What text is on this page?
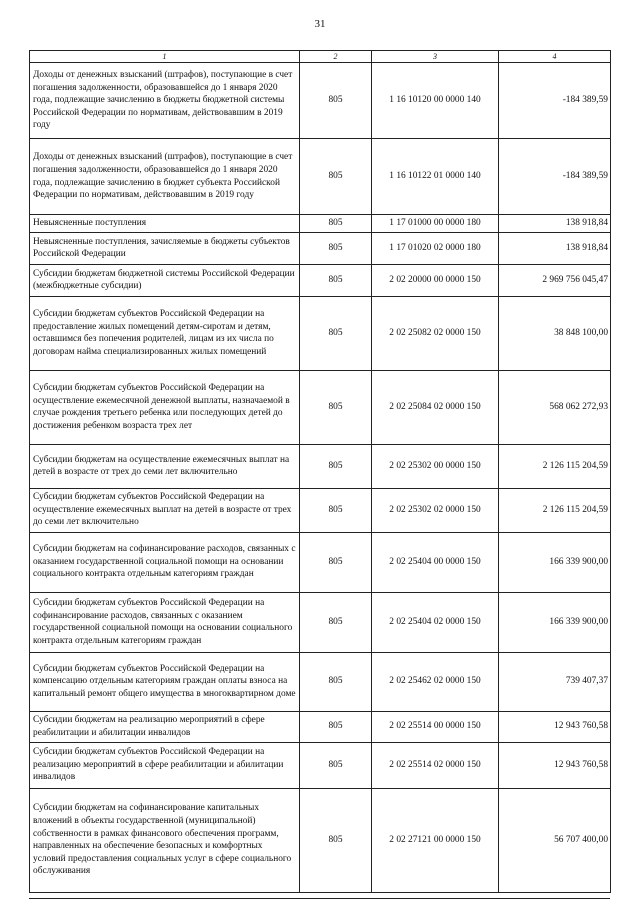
31
1	2	3	4
Доходы от денежных взысканий (штрафов), поступающие в счет погашения задолженности, образовавшейся до 1 января 2020 года, подлежащие зачислению в бюджеты бюджетной системы Российской Федерации по нормативам, действовавшим в 2019 году	805	1 16 10120 00 0000 140	-184 389,59
Доходы от денежных взысканий (штрафов), поступающие в счет погашения задолженности, образовавшейся до 1 января 2020 года, подлежащие зачислению в бюджет субъекта Российской Федерации по нормативам, действовавшим в 2019 году	805	1 16 10122 01 0000 140	-184 389,59
Невыясненные поступления	805	1 17 01000 00 0000 180	138 918,84
Невыясненные поступления, зачисляемые в бюджеты субъектов Российской Федерации	805	1 17 01020 02 0000 180	138 918,84
Субсидии бюджетам бюджетной системы Российской Федерации (межбюджетные субсидии)	805	2 02 20000 00 0000 150	2 969 756 045,47
Субсидии бюджетам субъектов Российской Федерации на предоставление жилых помещений детям-сиротам и детям, оставшимся без попечения родителей, лицам из их числа по договорам найма специализированных жилых помещений	805	2 02 25082 02 0000 150	38 848 100,00
Субсидии бюджетам субъектов Российской Федерации на осуществление ежемесячной денежной выплаты, назначаемой в случае рождения третьего ребенка или последующих детей до достижения ребенком возраста трех лет	805	2 02 25084 02 0000 150	568 062 272,93
Субсидии бюджетам на осуществление ежемесячных выплат на детей в возрасте от трех до семи лет включительно	805	2 02 25302 00 0000 150	2 126 115 204,59
Субсидии бюджетам субъектов Российской Федерации на осуществление ежемесячных выплат на детей в возрасте от трех до семи лет включительно	805	2 02 25302 02 0000 150	2 126 115 204,59
Субсидии бюджетам на софинансирование расходов, связанных с оказанием государственной социальной помощи на основании социального контракта отдельным категориям граждан	805	2 02 25404 00 0000 150	166 339 900,00
Субсидии бюджетам субъектов Российской Федерации на софинансирование расходов, связанных с оказанием государственной социальной помощи на основании социального контракта отдельным категориям граждан	805	2 02 25404 02 0000 150	166 339 900,00
Субсидии бюджетам субъектов Российской Федерации на компенсацию отдельным категориям граждан оплаты взноса на капитальный ремонт общего имущества в многоквартирном доме	805	2 02 25462 02 0000 150	739 407,37
Субсидии бюджетам на реализацию мероприятий в сфере реабилитации и абилитации инвалидов	805	2 02 25514 00 0000 150	12 943 760,58
Субсидии бюджетам субъектов Российской Федерации на реализацию мероприятий в сфере реабилитации и абилитации инвалидов	805	2 02 25514 02 0000 150	12 943 760,58
Субсидии бюджетам на софинансирование капитальных вложений в объекты государственной (муниципальной) собственности в рамках финансового обеспечения программ, направленных на обеспечение безопасных и комфортных условий предоставления социальных услуг в сфере социального обслуживания	805	2 02 27121 00 0000 150	56 707 400,00
